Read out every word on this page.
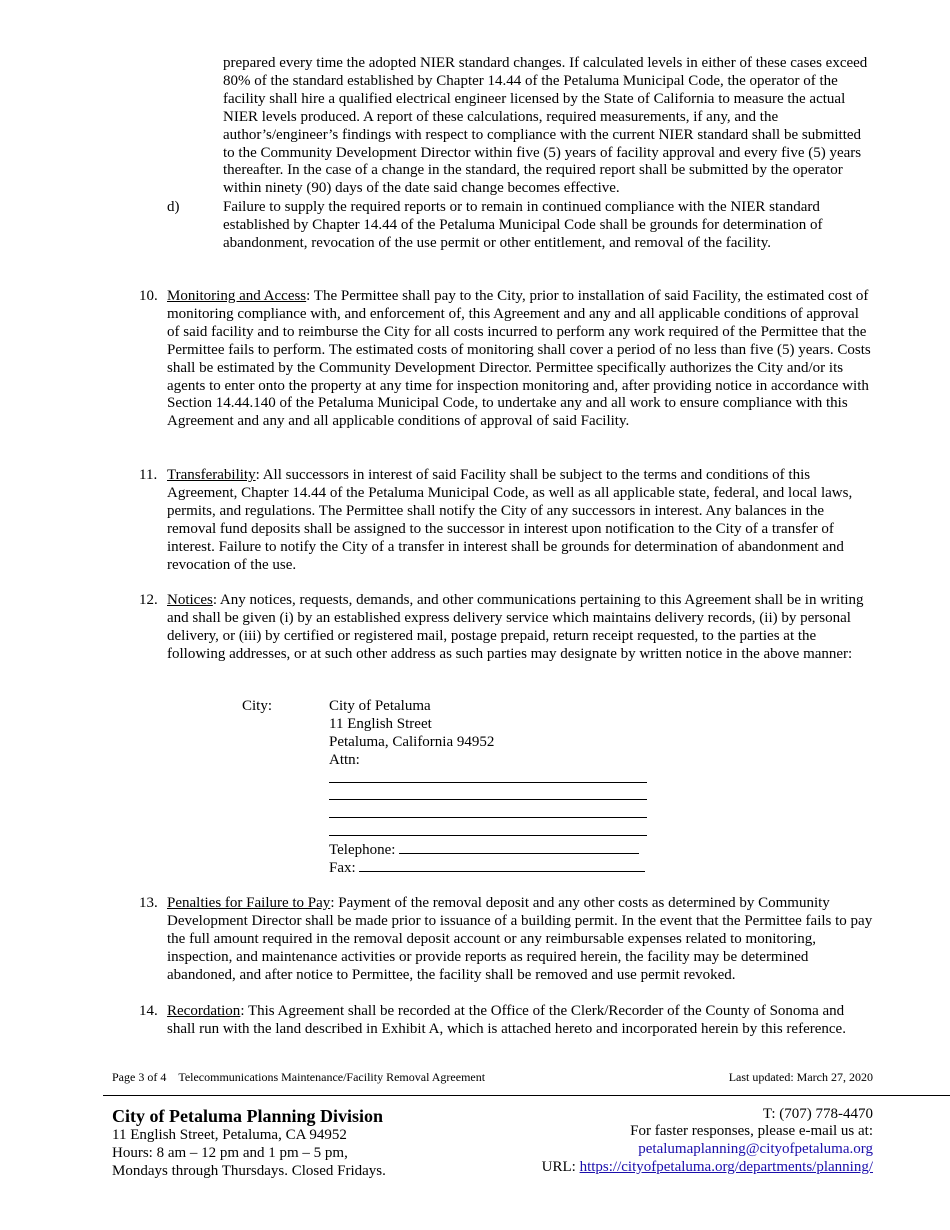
prepared every time the adopted NIER standard changes. If calculated levels in either of these cases exceed 80% of the standard established by Chapter 14.44 of the Petaluma Municipal Code, the operator of the facility shall hire a qualified electrical engineer licensed by the State of California to measure the actual NIER levels produced. A report of these calculations, required measurements, if any, and the author’s/engineer’s findings with respect to compliance with the current NIER standard shall be submitted to the Community Development Director within five (5) years of facility approval and every five (5) years thereafter. In the case of a change in the standard, the required report shall be submitted by the operator within ninety (90) days of the date said change becomes effective.

d)	Failure to supply the required reports or to remain in continued compliance with the NIER standard established by Chapter 14.44 of the Petaluma Municipal Code shall be grounds for determination of abandonment, revocation of the use permit or other entitlement, and removal of the facility.

10. Monitoring and Access: The Permittee shall pay to the City, prior to installation of said Facility, the estimated cost of monitoring compliance with, and enforcement of, this Agreement and any and all applicable conditions of approval of said facility and to reimburse the City for all costs incurred to perform any work required of the Permittee that the Permittee fails to perform. The estimated costs of monitoring shall cover a period of no less than five (5) years. Costs shall be estimated by the Community Development Director. Permittee specifically authorizes the City and/or its agents to enter onto the property at any time for inspection monitoring and, after providing notice in accordance with Section 14.44.140 of the Petaluma Municipal Code, to undertake any and all work to ensure compliance with this Agreement and any and all applicable conditions of approval of said Facility.

11. Transferability: All successors in interest of said Facility shall be subject to the terms and conditions of this Agreement, Chapter 14.44 of the Petaluma Municipal Code, as well as all applicable state, federal, and local laws, permits, and regulations. The Permittee shall notify the City of any successors in interest. Any balances in the removal fund deposits shall be assigned to the successor in interest upon notification to the City of a transfer of interest. Failure to notify the City of a transfer in interest shall be grounds for determination of abandonment and revocation of the use.

12. Notices: Any notices, requests, demands, and other communications pertaining to this Agreement shall be in writing and shall be given (i) by an established express delivery service which maintains delivery records, (ii) by personal delivery, or (iii) by certified or registered mail, postage prepaid, return receipt requested, to the parties at the following addresses, or at such other address as such parties may designate by written notice in the above manner:

City:	City of Petaluma
11 English Street
Petaluma, California 94952
Attn:
Telephone:
Fax:
13. Penalties for Failure to Pay: Payment of the removal deposit and any other costs as determined by Community Development Director shall be made prior to issuance of a building permit. In the event that the Permittee fails to pay the full amount required in the removal deposit account or any reimbursable expenses related to monitoring, inspection, and maintenance activities or provide reports as required herein, the facility may be determined abandoned, and after notice to Permittee, the facility shall be removed and use permit revoked.

14. Recordation: This Agreement shall be recorded at the Office of the Clerk/Recorder of the County of Sonoma and shall run with the land described in Exhibit A, which is attached hereto and incorporated herein by this reference.

Page 3 of 4 Telecommunications Maintenance/Facility Removal Agreement	Last updated: March 27, 2020
City of Petaluma Planning Division
11 English Street, Petaluma, CA 94952
Hours: 8 am – 12 pm and 1 pm – 5 pm,
Mondays through Thursdays. Closed Fridays.
T: (707) 778-4470
For faster responses, please e-mail us at:
petalumaplanning@cityofpetaluma.org
URL: https://cityofpetaluma.org/departments/planning/
